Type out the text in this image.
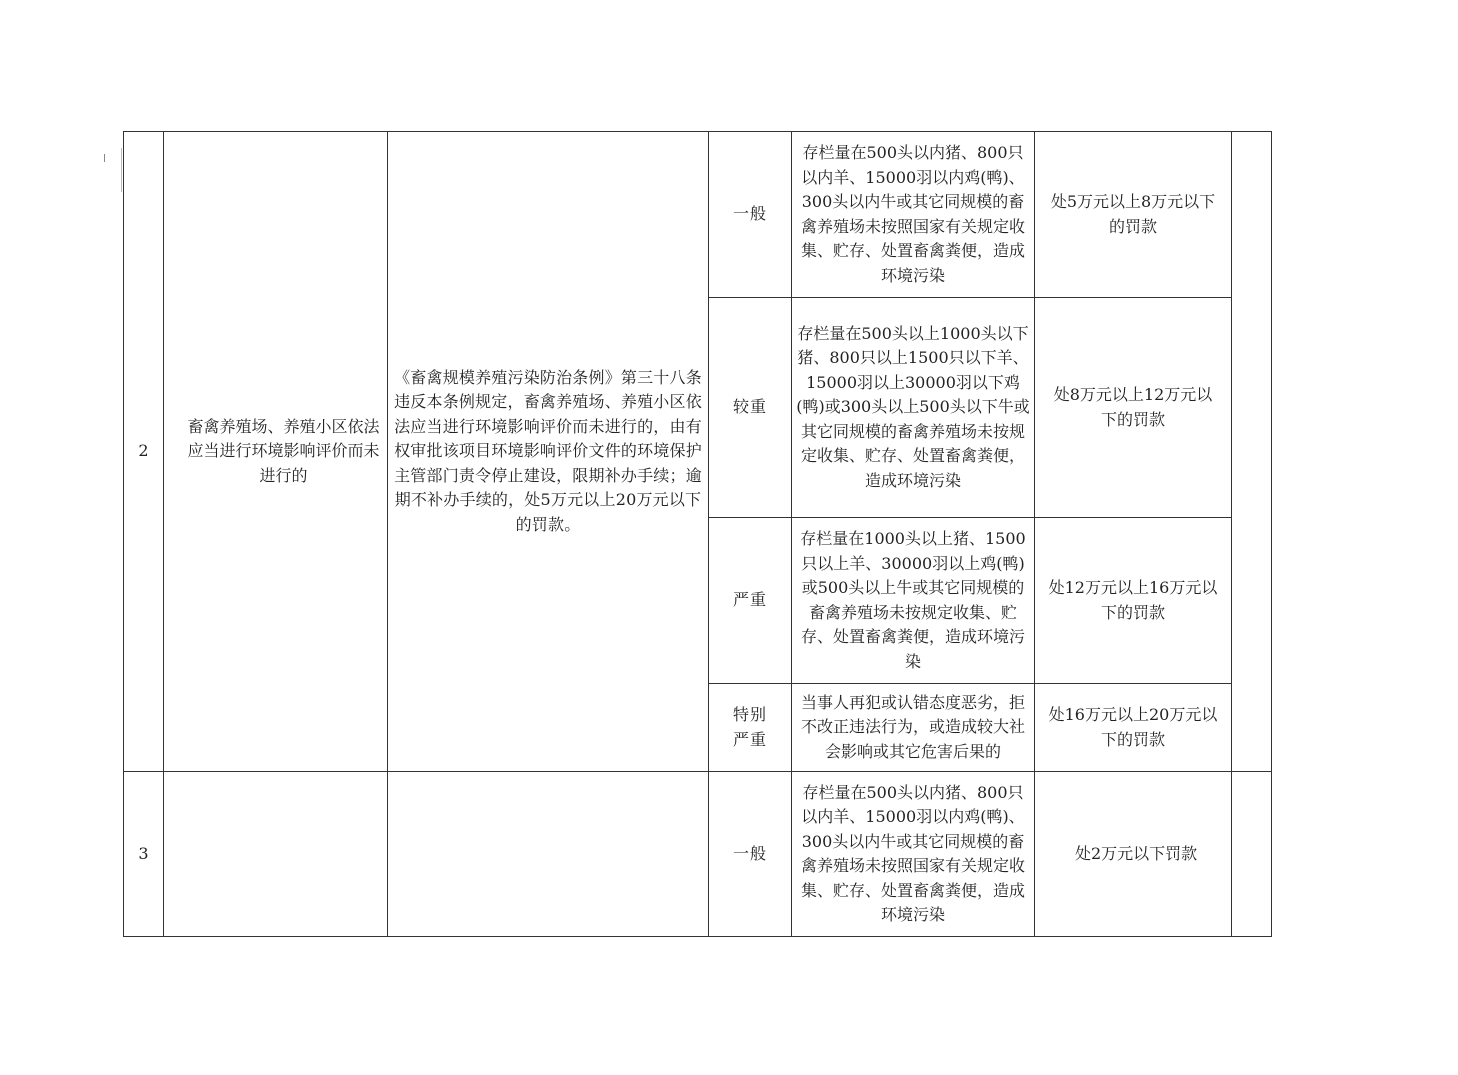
2	畜禽养殖场、养殖小区依法应当进行环境影响评价而未进行的	《畜禽规模养殖污染防治条例》第三十八条　违反本条例规定，畜禽养殖场、养殖小区依法应当进行环境影响评价而未进行的，由有权审批该项目环境影响评价文件的环境保护主管部门责令停止建设，限期补办手续；逾期不补办手续的，处5万元以上20万元以下的罚款。	一般	存栏量在500头以内猪、800只以内羊、15000羽以内鸡(鸭)、300头以内牛或其它同规模的畜禽养殖场未按照国家有关规定收集、贮存、处置畜禽粪便，造成环境污染	处5万元以上8万元以下的罚款	

			较重	存栏量在500头以上1000头以下猪、800只以上1500只以下羊、15000羽以上30000羽以下鸡(鸭)或300头以上500头以下牛或其它同规模的畜禽养殖场未按规定收集、贮存、处置畜禽粪便，造成环境污染	处8万元以上12万元以下的罚款	

			严重	存栏量在1000头以上猪、1500只以上羊、30000羽以上鸡(鸭)或500头以上牛或其它同规模的畜禽养殖场未按规定收集、贮存、处置畜禽粪便，造成环境污染	处12万元以上16万元以下的罚款	

			特别严重	当事人再犯或认错态度恶劣，拒不改正违法行为，或造成较大社会影响或其它危害后果的	处16万元以上20万元以下的罚款	

3			一般	存栏量在500头以内猪、800只以内羊、15000羽以内鸡(鸭)、300头以内牛或其它同规模的畜禽养殖场未按照国家有关规定收集、贮存、处置畜禽粪便，造成环境污染	处2万元以下罚款	
